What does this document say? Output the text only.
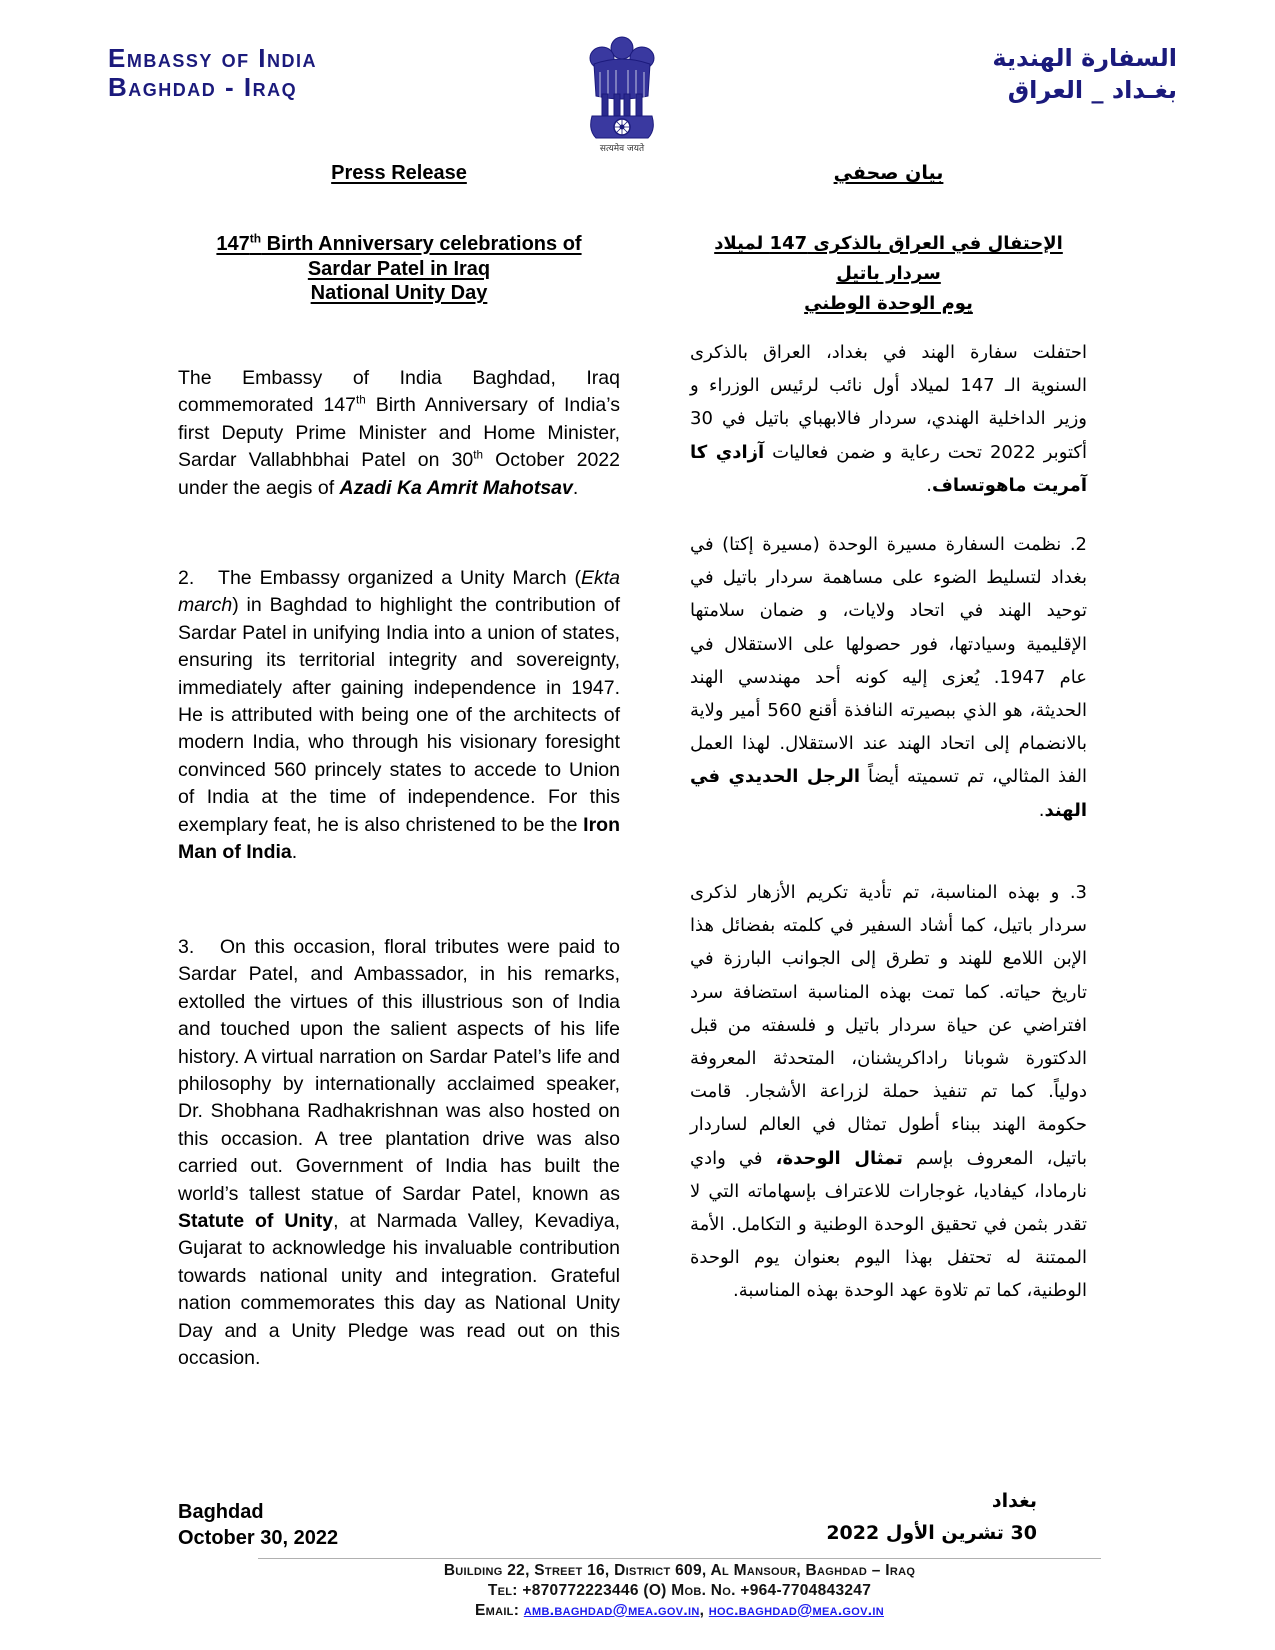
Embassy of India
Baghdad - Iraq
सत्यमेव जयते
السفارة الهندية
بغـداد _ العراق
Press Release	بيان صحفي
147th Birth Anniversary celebrations of
Sardar Patel in Iraq
National Unity Day
الإحتفال في العراق بالذكرى 147 لميلاد
سردار باتيل
يوم الوحدة الوطني
The Embassy of India Baghdad, Iraq commemorated 147th Birth Anniversary of India’s first Deputy Prime Minister and Home Minister, Sardar Vallabhbhai Patel on 30th October 2022 under the aegis of Azadi Ka Amrit Mahotsav.
2. The Embassy organized a Unity March (Ekta march) in Baghdad to highlight the contribution of Sardar Patel in unifying India into a union of states, ensuring its territorial integrity and sovereignty, immediately after gaining independence in 1947. He is attributed with being one of the architects of modern India, who through his visionary foresight convinced 560 princely states to accede to Union of India at the time of independence. For this exemplary feat, he is also christened to be the Iron Man of India.
3. On this occasion, floral tributes were paid to Sardar Patel, and Ambassador, in his remarks, extolled the virtues of this illustrious son of India and touched upon the salient aspects of his life history. A virtual narration on Sardar Patel’s life and philosophy by internationally acclaimed speaker, Dr. Shobhana Radhakrishnan was also hosted on this occasion. A tree plantation drive was also carried out. Government of India has built the world’s tallest statue of Sardar Patel, known as Statute of Unity, at Narmada Valley, Kevadiya, Gujarat to acknowledge his invaluable contribution towards national unity and integration. Grateful nation commemorates this day as National Unity Day and a Unity Pledge was read out on this occasion.
احتفلت سفارة الهند في بغداد، العراق بالذكرى السنوية الـ 147 لميلاد أول نائب لرئيس الوزراء و وزير الداخلية الهندي، سردار فالابهباي باتيل في 30 أكتوبر 2022 تحت رعاية و ضمن فعاليات آزادي كا آمريت ماهوتساف.
2. نظمت السفارة مسيرة الوحدة (مسيرة إكتا) في بغداد لتسليط الضوء على مساهمة سردار باتيل في توحيد الهند في اتحاد ولايات، و ضمان سلامتها الإقليمية وسيادتها، فور حصولها على الاستقلال في عام 1947. يُعزى إليه كونه أحد مهندسي الهند الحديثة، هو الذي ببصيرته النافذة أقنع 560 أمير ولاية بالانضمام إلى اتحاد الهند عند الاستقلال. لهذا العمل الفذ المثالي، تم تسميته أيضاً الرجل الحديدي في الهند.
3. و بهذه المناسبة، تم تأدية تكريم الأزهار لذكرى سردار باتيل، كما أشاد السفير في كلمته بفضائل هذا الإبن اللامع للهند و تطرق إلى الجوانب البارزة في تاريخ حياته. كما تمت بهذه المناسبة استضافة سرد افتراضي عن حياة سردار باتيل و فلسفته من قبل الدكتورة شوبانا راداكريشنان، المتحدثة المعروفة دولياً. كما تم تنفيذ حملة لزراعة الأشجار. قامت حكومة الهند ببناء أطول تمثال في العالم لساردار باتيل، المعروف بإسم تمثال الوحدة، في وادي نارمادا، كيفاديا، غوجارات للاعتراف بإسهاماته التي لا تقدر بثمن في تحقيق الوحدة الوطنية و التكامل. الأمة الممتنة له تحتفل بهذا اليوم بعنوان يوم الوحدة الوطنية، كما تم تلاوة عهد الوحدة بهذه المناسبة.
Baghdad
October 30, 2022
بغداد
30 تشرين الأول 2022
Building 22, Street 16, District 609, Al Mansour, Baghdad – Iraq
Tel: +870772223446 (O) Mob. No. +964-7704843247
Email: amb.baghdad@mea.gov.in, hoc.baghdad@mea.gov.in
